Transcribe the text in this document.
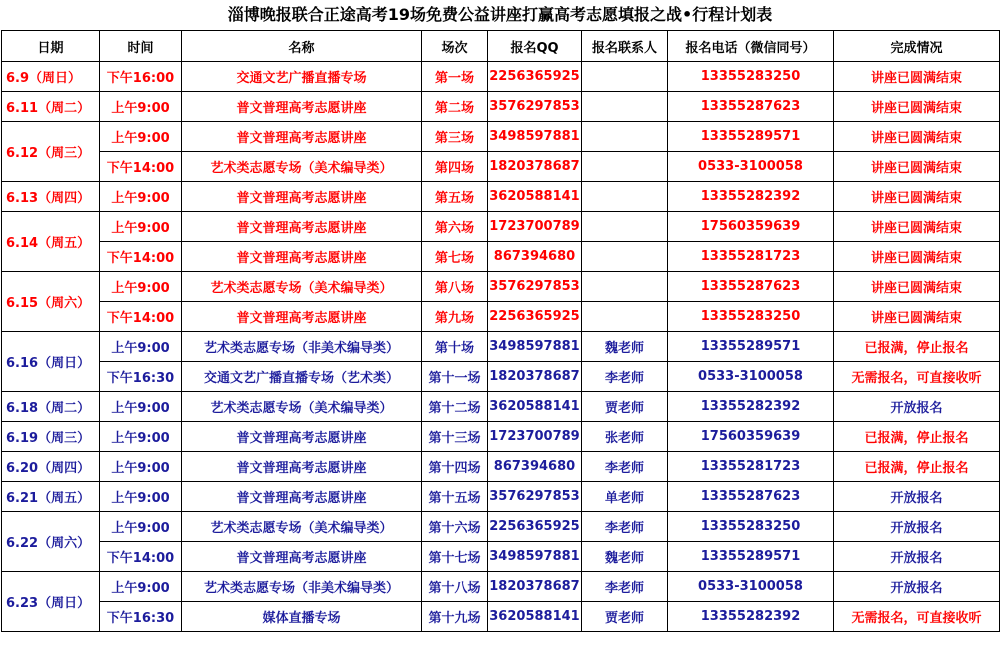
淄博晚报联合正途高考19场免费公益讲座打赢高考志愿填报之战•行程计划表
日期	时间	名称	场次	报名QQ	报名联系人	报名电话（微信同号）	完成情况
6.9（周日）	下午16:00	交通文艺广播直播专场	第一场	2256365925		13355283250	讲座已圆满结束
6.11（周二）	上午9:00	普文普理高考志愿讲座	第二场	3576297853		13355287623	讲座已圆满结束
6.12（周三）	上午9:00	普文普理高考志愿讲座	第三场	3498597881		13355289571	讲座已圆满结束
	下午14:00	艺术类志愿专场（美术编导类）	第四场	1820378687		0533-3100058	讲座已圆满结束
6.13（周四）	上午9:00	普文普理高考志愿讲座	第五场	3620588141		13355282392	讲座已圆满结束
6.14（周五）	上午9:00	普文普理高考志愿讲座	第六场	1723700789		17560359639	讲座已圆满结束
	下午14:00	普文普理高考志愿讲座	第七场	867394680		13355281723	讲座已圆满结束
6.15（周六）	上午9:00	艺术类志愿专场（美术编导类）	第八场	3576297853		13355287623	讲座已圆满结束
	下午14:00	普文普理高考志愿讲座	第九场	2256365925		13355283250	讲座已圆满结束
6.16（周日）	上午9:00	艺术类志愿专场（非美术编导类）	第十场	3498597881	魏老师	13355289571	已报满，停止报名
	下午16:30	交通文艺广播直播专场（艺术类）	第十一场	1820378687	李老师	0533-3100058	无需报名，可直接收听
6.18（周二）	上午9:00	艺术类志愿专场（美术编导类）	第十二场	3620588141	贾老师	13355282392	开放报名
6.19（周三）	上午9:00	普文普理高考志愿讲座	第十三场	1723700789	张老师	17560359639	已报满，停止报名
6.20（周四）	上午9:00	普文普理高考志愿讲座	第十四场	867394680	李老师	13355281723	已报满，停止报名
6.21（周五）	上午9:00	普文普理高考志愿讲座	第十五场	3576297853	单老师	13355287623	开放报名
6.22（周六）	上午9:00	艺术类志愿专场（美术编导类）	第十六场	2256365925	李老师	13355283250	开放报名
	下午14:00	普文普理高考志愿讲座	第十七场	3498597881	魏老师	13355289571	开放报名
6.23（周日）	上午9:00	艺术类志愿专场（非美术编导类）	第十八场	1820378687	李老师	0533-3100058	开放报名
	下午16:30	媒体直播专场	第十九场	3620588141	贾老师	13355282392	无需报名，可直接收听
